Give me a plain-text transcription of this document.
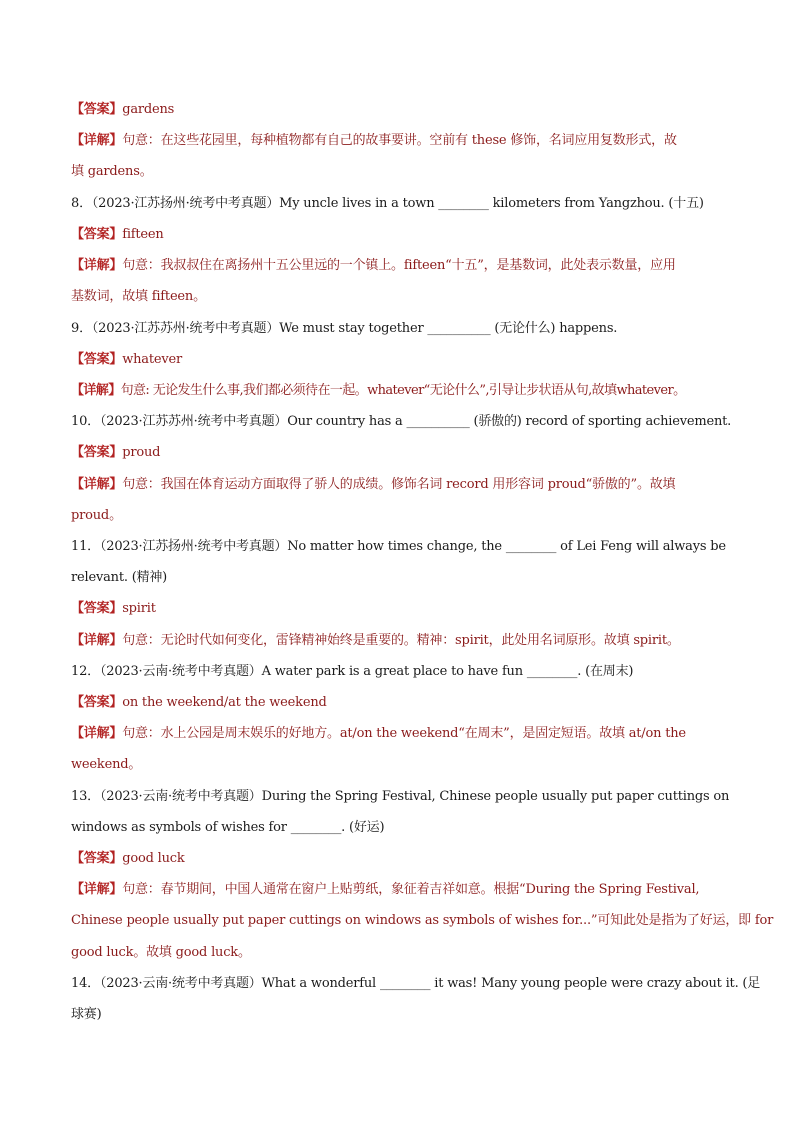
【答案】gardens
【详解】句意：在这些花园里，每种植物都有自己的故事要讲。空前有 these 修饰，名词应用复数形式，故
填 gardens。
8．（2023·江苏扬州·统考中考真题）My uncle lives in a town ________ kilometers from Yangzhou. (十五)
【答案】fifteen
【详解】句意：我叔叔住在离扬州十五公里远的一个镇上。fifteen“十五”，是基数词，此处表示数量，应用
基数词，故填 fifteen。
9．（2023·江苏苏州·统考中考真题）We must stay together __________ (无论什么) happens.
【答案】whatever
【详解】句意: 无论发生什么事,我们都必须待在一起。whatever“无论什么”,引导让步状语从句,故填whatever。
10．（2023·江苏苏州·统考中考真题）Our country has a __________ (骄傲的) record of sporting achievement.
【答案】proud
【详解】句意：我国在体育运动方面取得了骄人的成绩。修饰名词 record 用形容词 proud“骄傲的”。故填
proud。
11．（2023·江苏扬州·统考中考真题）No matter how times change, the ________ of Lei Feng will always be
relevant. (精神)
【答案】spirit
【详解】句意：无论时代如何变化，雷锋精神始终是重要的。精神：spirit，此处用名词原形。故填 spirit。
12．（2023·云南·统考中考真题）A water park is a great place to have fun ________. (在周末)
【答案】on the weekend/at the weekend
【详解】句意：水上公园是周末娱乐的好地方。at/on the weekend“在周末”，是固定短语。故填 at/on the
weekend。
13．（2023·云南·统考中考真题）During the Spring Festival, Chinese people usually put paper cuttings on
windows as symbols of wishes for ________. (好运)
【答案】good luck
【详解】句意：春节期间，中国人通常在窗户上贴剪纸，象征着吉祥如意。根据“During the Spring Festival,
Chinese people usually put paper cuttings on windows as symbols of wishes for...”可知此处是指为了好运，即 for
good luck。故填 good luck。
14．（2023·云南·统考中考真题）What a wonderful ________ it was! Many young people were crazy about it. (足
球赛)
